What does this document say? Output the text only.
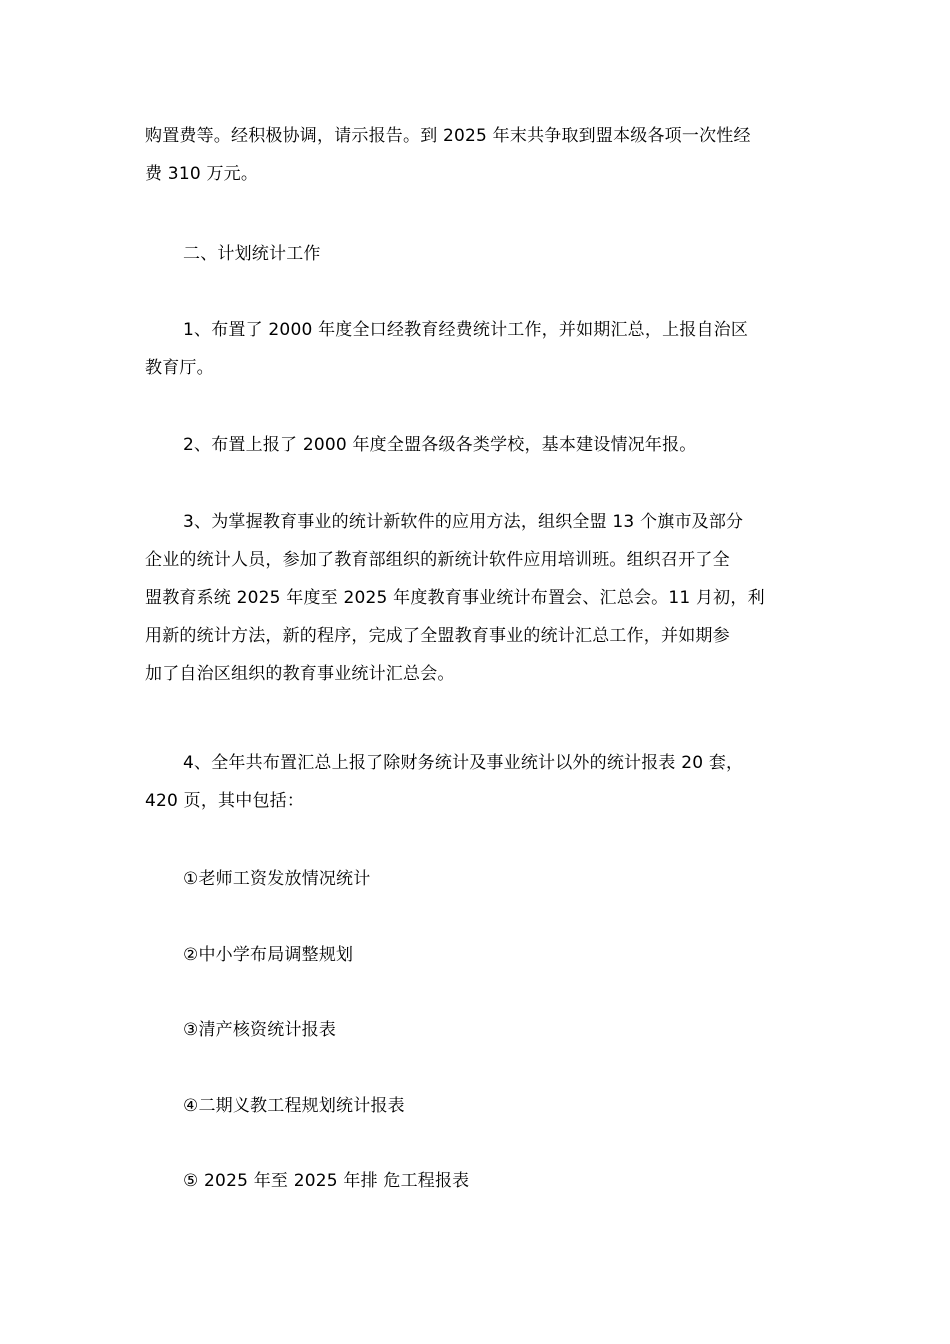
购置费等。经积极协调，请示报告。到 2025 年末共争取到盟本级各项一次性经
费 310 万元。
二、计划统计工作
1、布置了 2000 年度全口经教育经费统计工作，并如期汇总，上报自治区
教育厅。
2、布置上报了 2000 年度全盟各级各类学校，基本建设情况年报。
3、为掌握教育事业的统计新软件的应用方法，组织全盟 13 个旗市及部分
企业的统计人员，参加了教育部组织的新统计软件应用培训班。组织召开了全
盟教育系统 2025 年度至 2025 年度教育事业统计布置会、汇总会。11 月初，利
用新的统计方法，新的程序，完成了全盟教育事业的统计汇总工作，并如期参
加了自治区组织的教育事业统计汇总会。
4、全年共布置汇总上报了除财务统计及事业统计以外的统计报表 20 套，
420 页，其中包括：
①老师工资发放情况统计
②中小学布局调整规划
③清产核资统计报表
④二期义教工程规划统计报表
⑤ 2025 年至 2025 年排 危工程报表
